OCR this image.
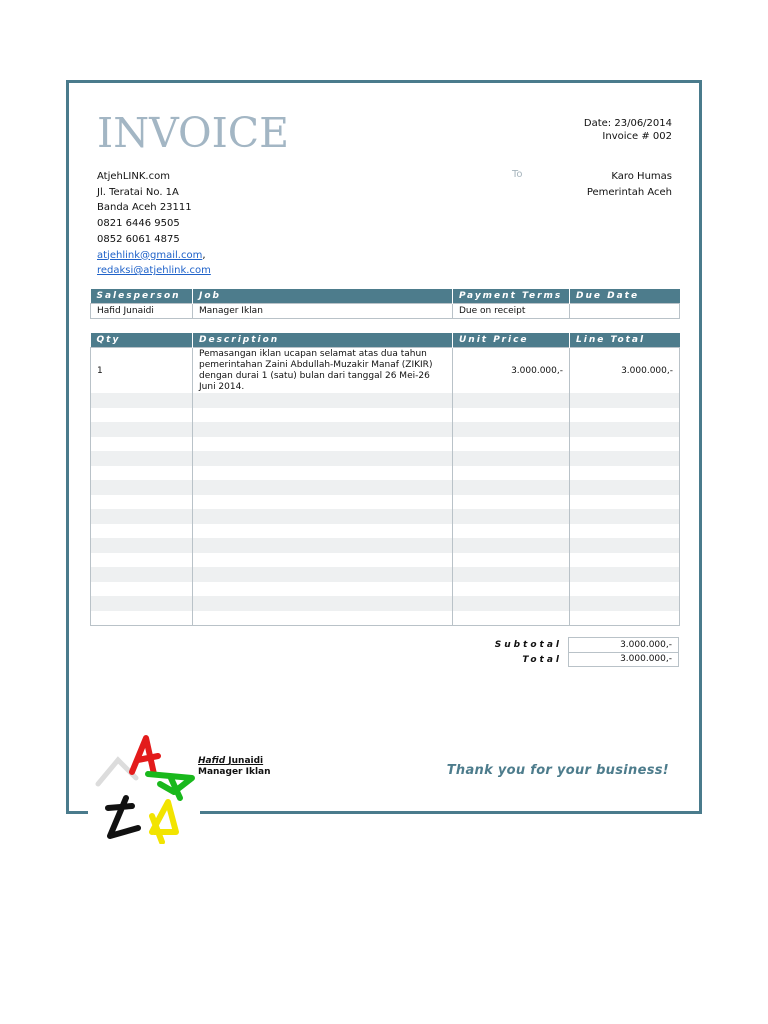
INVOICE	Date: 23/06/2014
Invoice # 002
AtjehLINK.com
Jl. Teratai No. 1A
Banda Aceh 23111
0821 6446 9505
0852 6061 4875
atjehlink@gmail.com,
redaksi@atjehlink.com
To	Karo Humas
Pemerintah Aceh
Salesperson	Job	Payment Terms	Due Date
Hafid Junaidi	Manager Iklan	Due on receipt	
Qty	Description	Unit Price	Line Total
1	Pemasangan iklan ucapan selamat atas dua tahun pemerintahan Zaini Abdullah-Muzakir Manaf (ZIKIR) dengan durai 1 (satu) bulan dari tanggal 26 Mei-26 Juni 2014.	3.000.000,-	3.000.000,-

Subtotal	3.000.000,-
Total	3.000.000,-
Hafid Junaidi
Manager Iklan	Thank you for your business!
